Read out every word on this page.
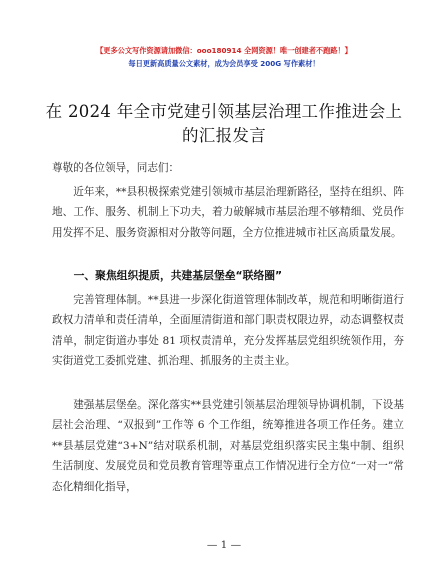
【更多公文写作资源请加微信：ooo180914 全网资源！唯一创建者不跑路！】
每日更新高质量公文素材，成为会员享受 200G 写作素材！
在 2024 年全市党建引领基层治理工作推进会上的汇报发言
尊敬的各位领导，同志们：
近年来，**县积极探索党建引领城市基层治理新路径，坚持在组织、阵地、工作、服务、机制上下功夫，着力破解城市基层治理不够精细、党员作用发挥不足、服务资源相对分散等问题，全方位推进城市社区高质量发展。
一、聚焦组织提质，共建基层堡垒“联络圈”
完善管理体制。**县进一步深化街道管理体制改革，规范和明晰街道行政权力清单和责任清单，全面厘清街道和部门职责权限边界，动态调整权责清单，制定街道办事处 81 项权责清单，充分发挥基层党组织统领作用，夯实街道党工委抓党建、抓治理、抓服务的主责主业。
建强基层堡垒。深化落实**县党建引领基层治理领导协调机制，下设基层社会治理、“双报到”工作等 6 个工作组，统筹推进各项工作任务。建立**县基层党建“3+N”结对联系机制，对基层党组织落实民主集中制、组织生活制度、发展党员和党员教育管理等重点工作情况进行全方位“一对一”常态化精细化指导，
— 1 —
